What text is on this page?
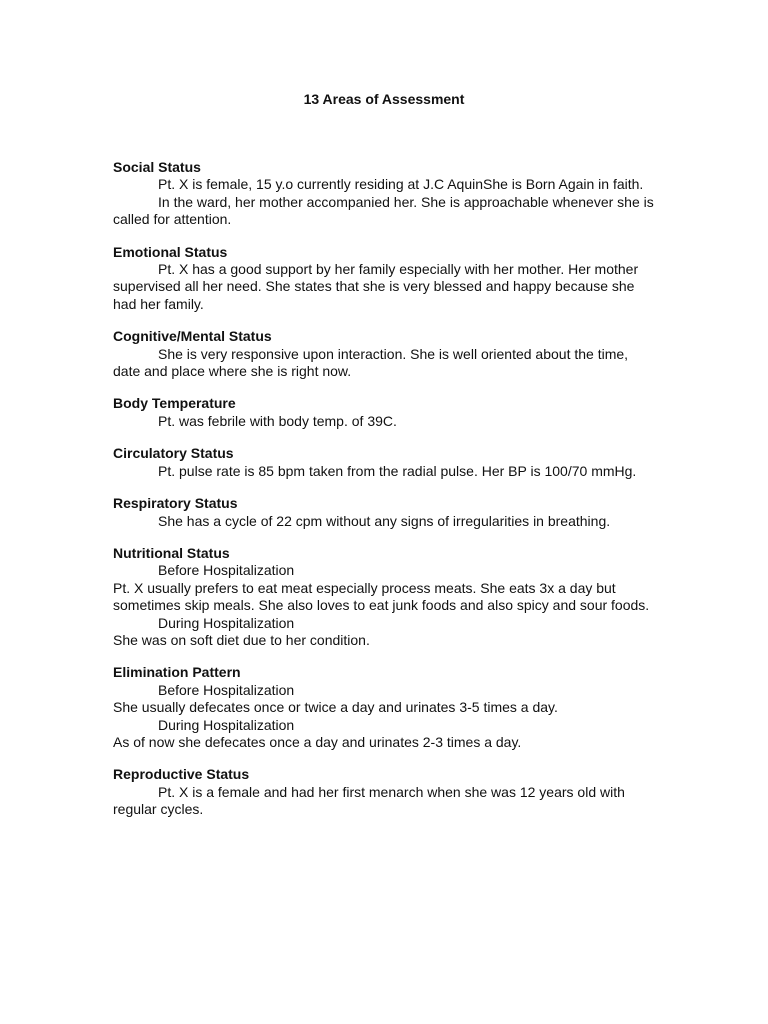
13 Areas of Assessment

Social Status

Pt. X is female, 15 y.o currently residing at J.C AquinShe is Born Again in faith.

In the ward, her mother accompanied her. She is approachable whenever she is called for attention.

Emotional Status

Pt. X has a good support by her family especially with her mother. Her mother supervised all her need. She states that she is very blessed and happy because she had her family.

Cognitive/Mental Status

She is very responsive upon interaction. She is well oriented about the time, date and place where she is right now.

Body Temperature

Pt. was febrile with body temp. of 39C.

Circulatory Status

Pt. pulse rate is 85 bpm taken from the radial pulse. Her BP is 100/70 mmHg.

Respiratory Status

She has a cycle of 22 cpm without any signs of irregularities in breathing.

Nutritional Status

Before Hospitalization

Pt. X usually prefers to eat meat especially process meats. She eats 3x a day but sometimes skip meals. She also loves to eat junk foods and also spicy and sour foods.

During Hospitalization

She was on soft diet due to her condition.

Elimination Pattern

Before Hospitalization

She usually defecates once or twice a day and urinates 3-5 times a day.

During Hospitalization

As of now she defecates once a day and urinates 2-3 times a day.

Reproductive Status

Pt. X is a female and had her first menarch when she was 12 years old with regular cycles.
